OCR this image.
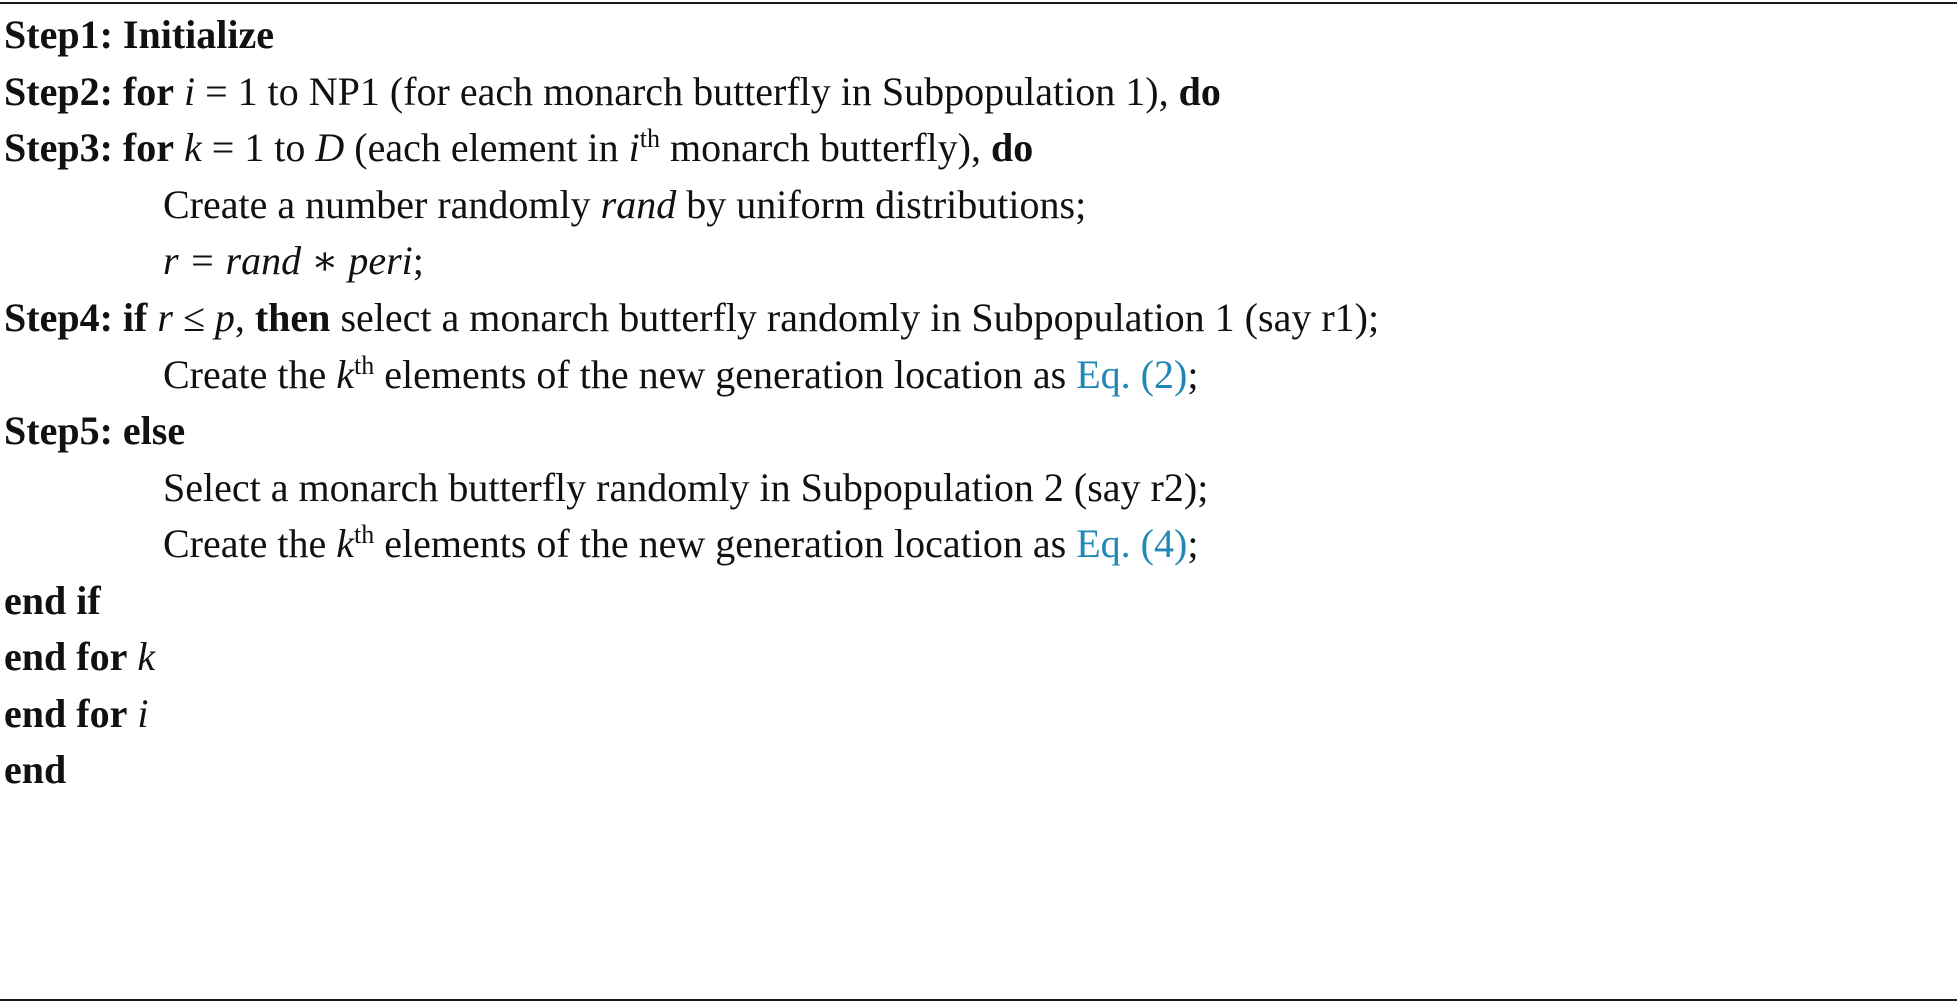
Step1: Initialize
Step2: for i = 1 to NP1 (for each monarch butterfly in Subpopulation 1), do
Step3: for k = 1 to D (each element in $i^{th}$ monarch butterfly), do
Create a number randomly rand by uniform distributions;
r = rand ∗ peri;
Step4: if r ≤ p, then select a monarch butterfly randomly in Subpopulation 1 (say r1);
Create the $k^{th}$ elements of the new generation location as Eq. (2);
Step5: else
Select a monarch butterfly randomly in Subpopulation 2 (say r2);
Create the $k^{th}$ elements of the new generation location as Eq. (4);
end if
end for k
end for i
end
